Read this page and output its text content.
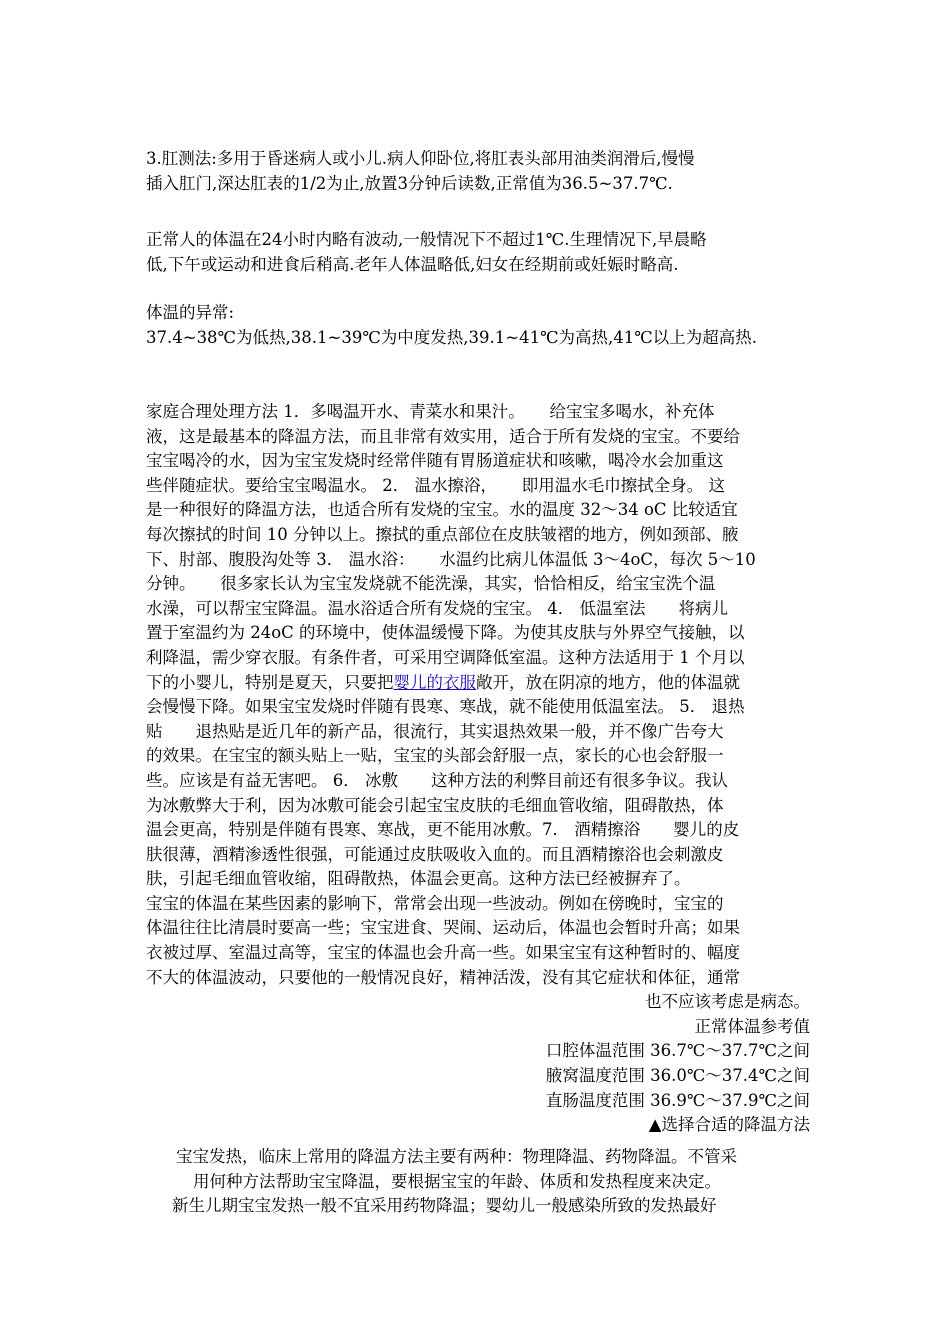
3.肛测法:多用于昏迷病人或小儿.病人仰卧位,将肛表头部用油类润滑后,慢慢
插入肛门,深达肛表的1/2为止,放置3分钟后读数,正常值为36.5~37.7℃.
正常人的体温在24小时内略有波动,一般情况下不超过1℃.生理情况下,早晨略
低,下午或运动和进食后稍高.老年人体温略低,妇女在经期前或妊娠时略高.
体温的异常:
37.4~38℃为低热,38.1~39℃为中度发热,39.1~41℃为高热,41℃以上为超高热.
家庭合理处理方法 1．多喝温开水、青菜水和果汁。　　给宝宝多喝水，补充体
液，这是最基本的降温方法，而且非常有效实用，适合于所有发烧的宝宝。不要给
宝宝喝冷的水，因为宝宝发烧时经常伴随有胃肠道症状和咳嗽，喝冷水会加重这
些伴随症状。要给宝宝喝温水。 2． 温水擦浴，　　即用温水毛巾擦拭全身。 这
是一种很好的降温方法，也适合所有发烧的宝宝。水的温度 32～34 oC 比较适宜
每次擦拭的时间 10 分钟以上。擦拭的重点部位在皮肤皱褶的地方，例如颈部、腋
下、肘部、腹股沟处等 3． 温水浴：　　水温约比病儿体温低 3～4oC，每次 5～10
分钟。　　很多家长认为宝宝发烧就不能洗澡，其实，恰恰相反，给宝宝洗个温
水澡，可以帮宝宝降温。温水浴适合所有发烧的宝宝。 4． 低温室法　　将病儿
置于室温约为 24oC 的环境中，使体温缓慢下降。为使其皮肤与外界空气接触，以
利降温，需少穿衣服。有条件者，可采用空调降低室温。这种方法适用于 1 个月以
下的小婴儿，特别是夏天，只要把婴儿的衣服敞开，放在阴凉的地方，他的体温就
会慢慢下降。如果宝宝发烧时伴随有畏寒、寒战，就不能使用低温室法。 5． 退热
贴　　退热贴是近几年的新产品，很流行，其实退热效果一般，并不像广告夸大
的效果。在宝宝的额头贴上一贴，宝宝的头部会舒服一点，家长的心也会舒服一
些。应该是有益无害吧。 6． 冰敷　　这种方法的利弊目前还有很多争议。我认
为冰敷弊大于利，因为冰敷可能会引起宝宝皮肤的毛细血管收缩，阻碍散热，体
温会更高，特别是伴随有畏寒、寒战，更不能用冰敷。7． 酒精擦浴　　婴儿的皮
肤很薄，酒精渗透性很强，可能通过皮肤吸收入血的。而且酒精擦浴也会刺激皮
肤，引起毛细血管收缩，阻碍散热，体温会更高。这种方法已经被摒弃了。
宝宝的体温在某些因素的影响下，常常会出现一些波动。例如在傍晚时，宝宝的
体温往往比清晨时要高一些；宝宝进食、哭闹、运动后，体温也会暂时升高；如果
衣被过厚、室温过高等，宝宝的体温也会升高一些。如果宝宝有这种暂时的、幅度
不大的体温波动，只要他的一般情况良好，精神活泼，没有其它症状和体征，通常
也不应该考虑是病态。
正常体温参考值
口腔体温范围 36.7℃～37.7℃之间
腋窝温度范围 36.0℃～37.4℃之间
直肠温度范围 36.9℃～37.9℃之间
▲选择合适的降温方法
宝宝发热，临床上常用的降温方法主要有两种：物理降温、药物降温。不管采
用何种方法帮助宝宝降温，要根据宝宝的年龄、体质和发热程度来决定。
新生儿期宝宝发热一般不宜采用药物降温；婴幼儿一般感染所致的发热最好
